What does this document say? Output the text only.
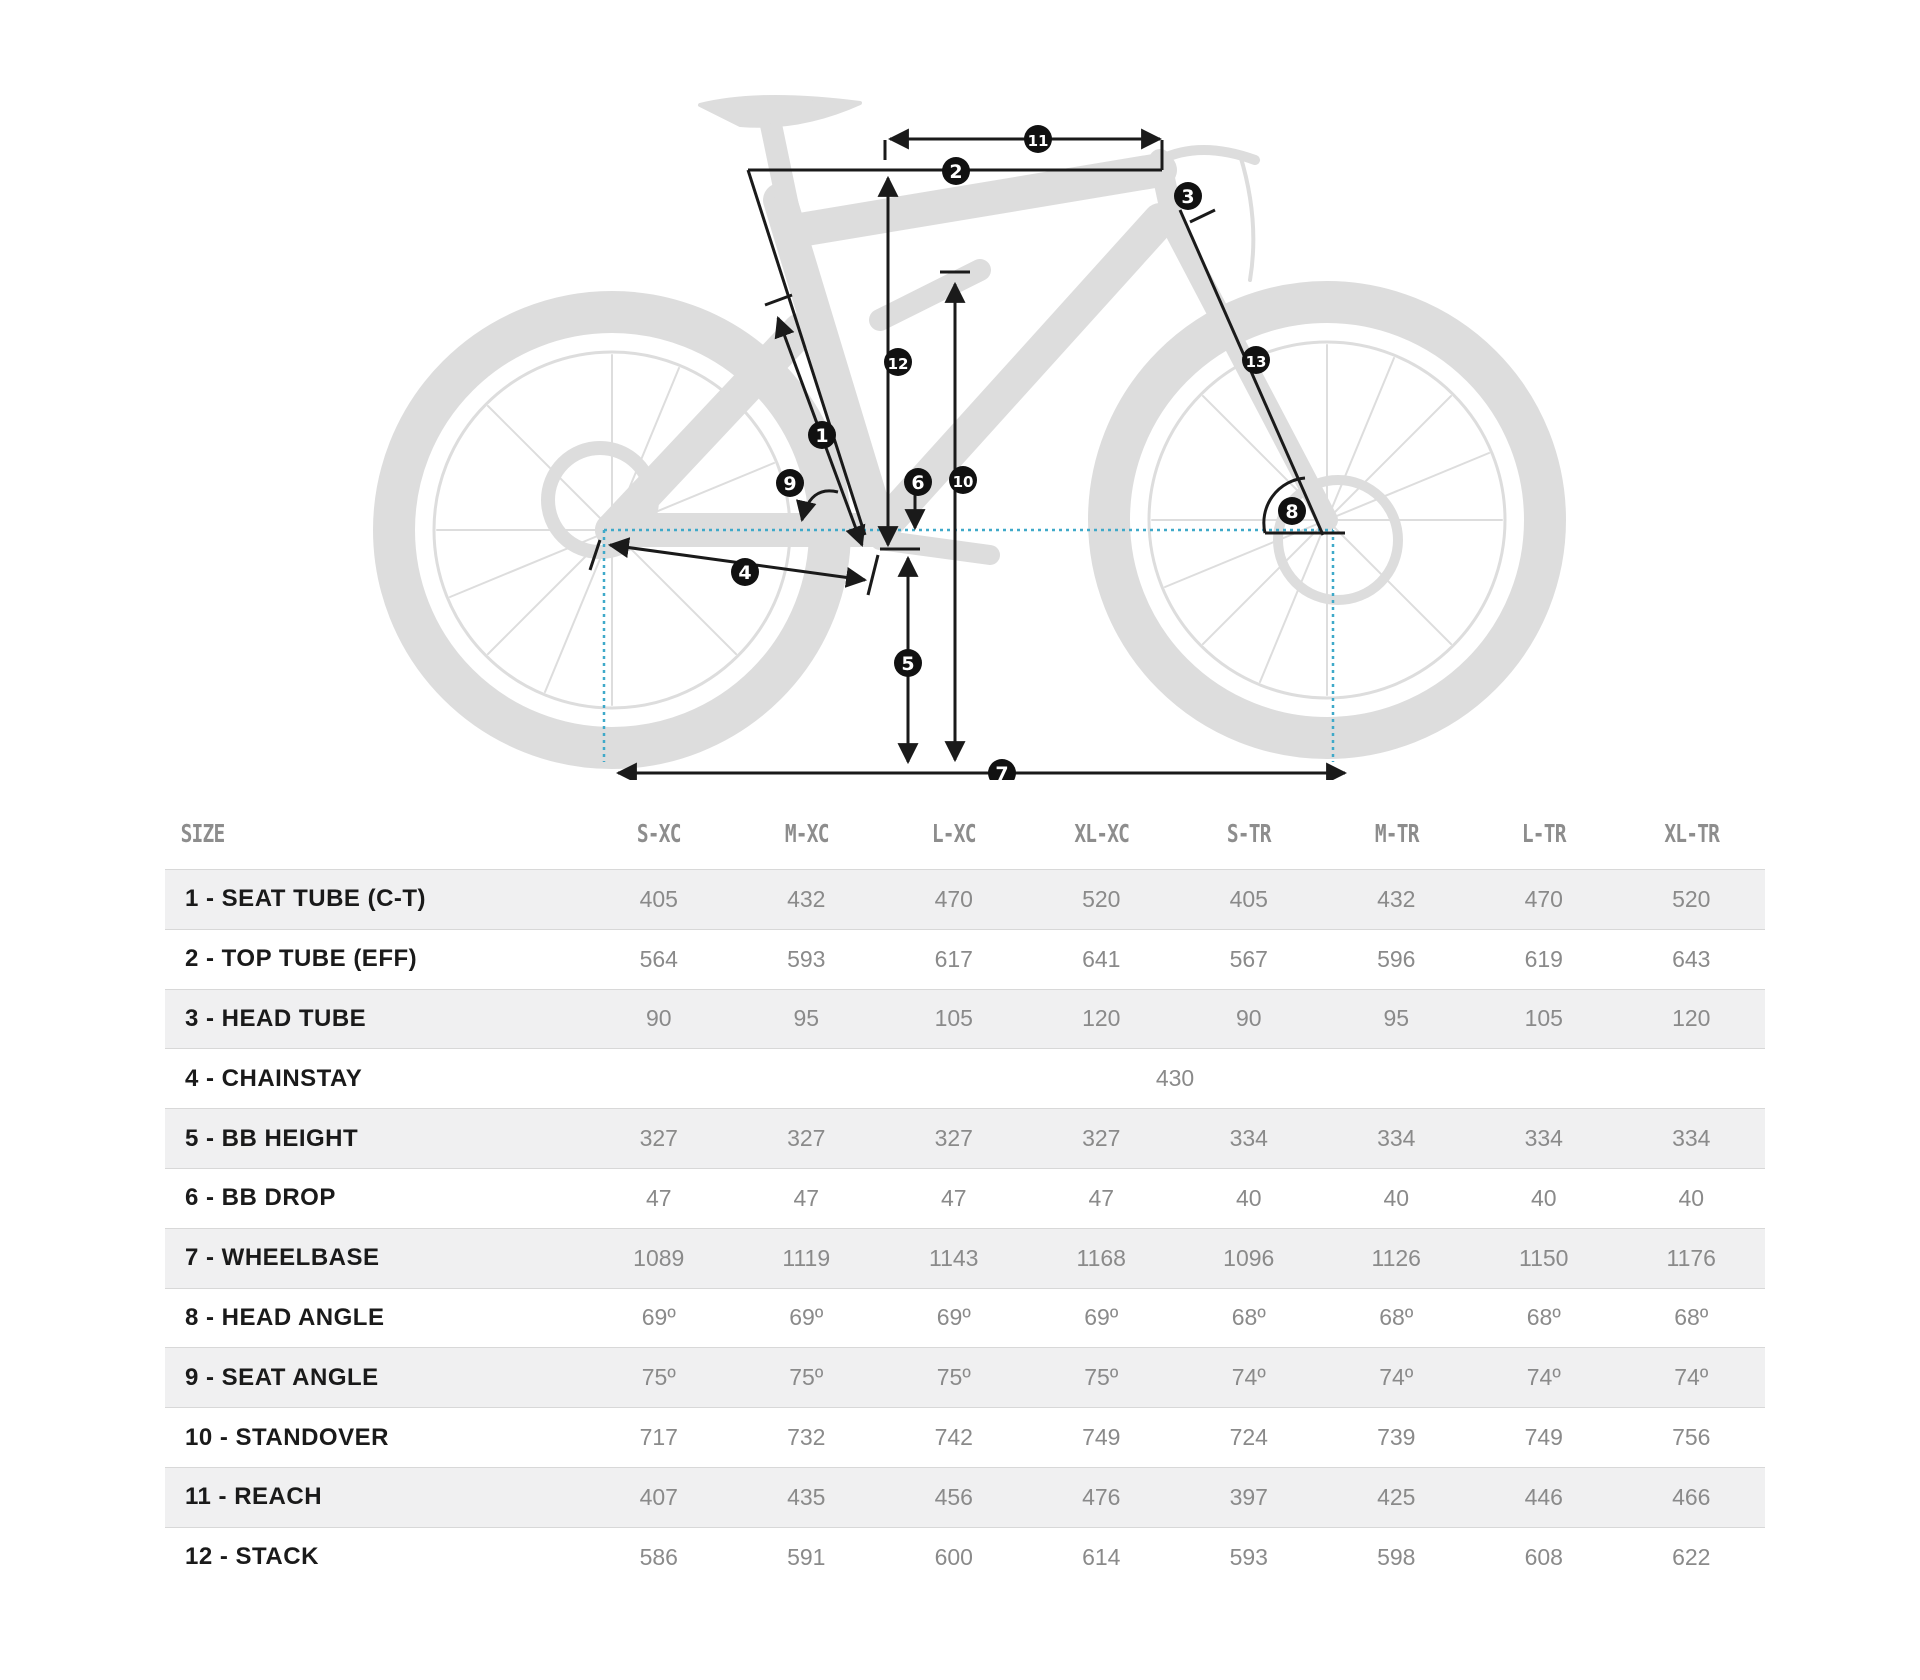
1
2
3
4
5
6
7
8
9	10
11
12	13
SIZE	S-XC	M-XC	L-XC	XL-XC	S-TR	M-TR	L-TR	XL-TR
1 - SEAT TUBE (C-T)	405	432	470	520	405	432	470	520
2 - TOP TUBE (EFF)	564	593	617	641	567	596	619	643
3 - HEAD TUBE	90	95	105	120	90	95	105	120
4 - CHAINSTAY	430							
5 - BB HEIGHT	327	327	327	327	334	334	334	334
6 - BB DROP	47	47	47	47	40	40	40	40
7 - WHEELBASE	1089	1119	1143	1168	1096	1126	1150	1176
8 - HEAD ANGLE	69º	69º	69º	69º	68º	68º	68º	68º
9 - SEAT ANGLE	75º	75º	75º	75º	74º	74º	74º	74º
10 - STANDOVER	717	732	742	749	724	739	749	756
11 - REACH	407	435	456	476	397	425	446	466
12 - STACK	586	591	600	614	593	598	608	622
